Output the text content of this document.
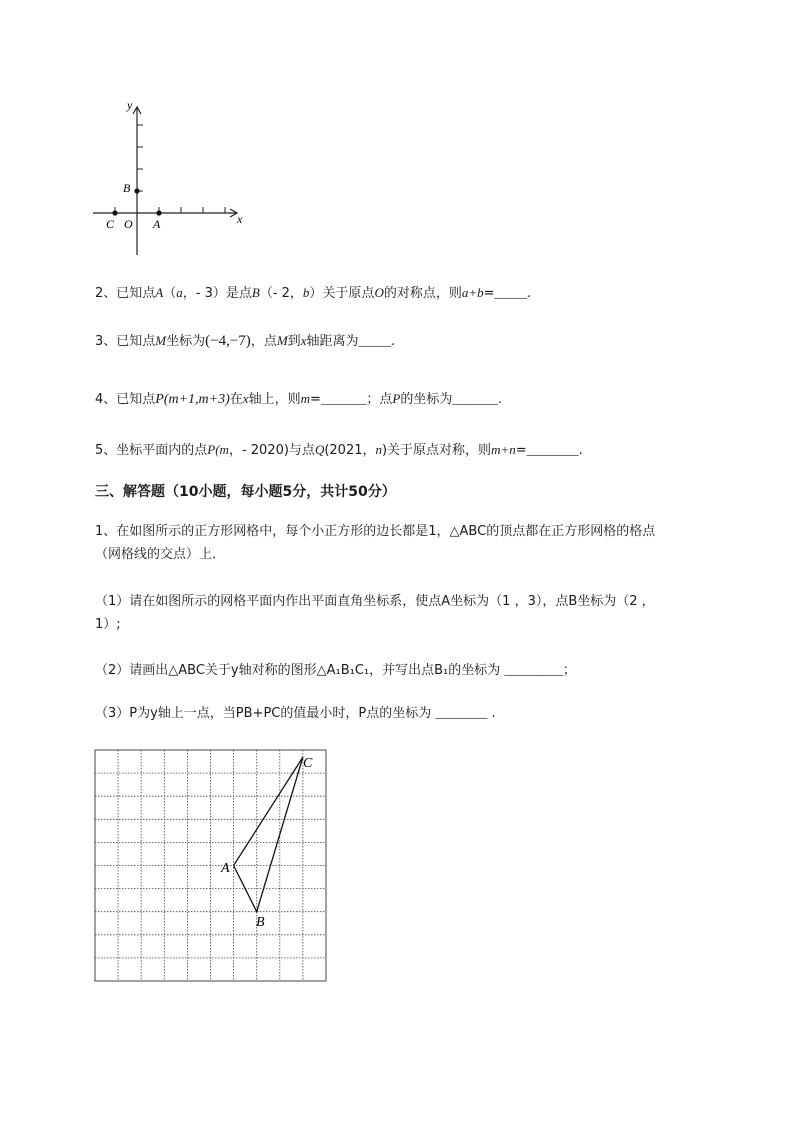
y
x
B
C O A
2、已知点A（a，- 3）是点B（- 2，b）关于原点O的对称点，则a+b=_____.
3、已知点M坐标为(−4,−7)，点M到x轴距离为_____.
4、已知点P(m+1,m+3)在x轴上，则m=_______；点P的坐标为_______.
5、坐标平面内的点P(m，- 2020)与点Q(2021，n)关于原点对称，则m+n=________.
三、解答题（10小题，每小题5分，共计50分）
1、在如图所示的正方形网格中，每个小正方形的边长都是1，△ABC的顶点都在正方形网格的格点
（网格线的交点）上．
（1）请在如图所示的网格平面内作出平面直角坐标系，使点A坐标为（1 ，3），点B坐标为（2 ，
1）;
（2）请画出△ABC关于y轴对称的图形△A₁B₁C₁，并写出点B₁的坐标为 _________；
（3）P为y轴上一点，当PB+PC的值最小时，P点的坐标为 ________ .
C
A
B
